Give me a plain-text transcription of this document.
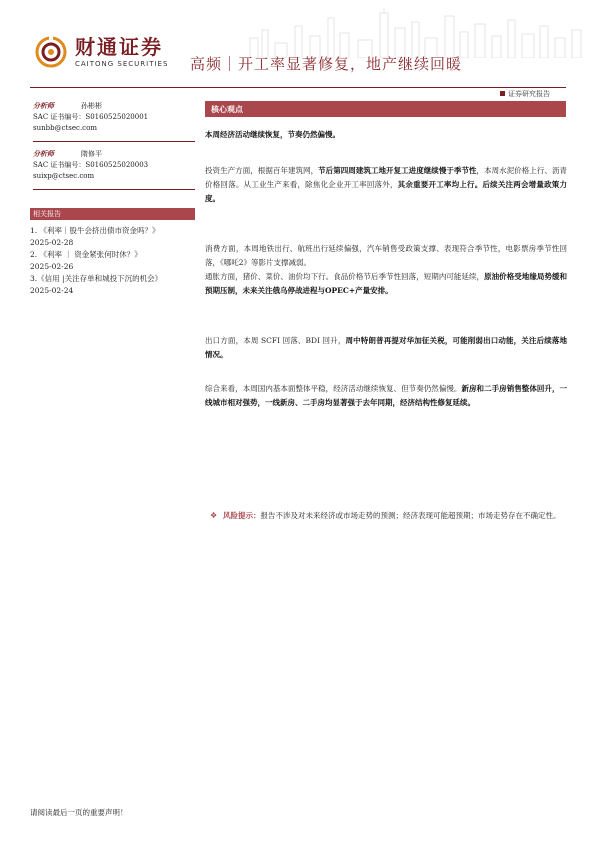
财通证券
CAITONG SECURITIES 高频｜开工率显著修复，地产继续回暖
证券研究报告
分析师	孙彬彬
SAC 证书编号：S0160525020001
sunbb@ctsec.com
分析师	隋修平
SAC 证书编号：S0160525020003
suixp@ctsec.com
相关报告
1. 《利率｜股牛会挤出债市资金吗？》
2025-02-28
2. 《利率 ｜ 资金紧张何时休？》
2025-02-26
3.《信用 |关注存单和城投下沉的机会》
2025-02-24
核心观点
本周经济活动继续恢复，节奏仍然偏慢。
投资生产方面，根据百年建筑网，节后第四周建筑工地开复工进度继续慢于季节性，本周水泥价格上行、沥青价格回落。从工业生产来看，除焦化企业开工率回落外，其余重要开工率均上行。后续关注两会增量政策力度。
消费方面，本周地铁出行、航班出行延续偏强，汽车销售受政策支撑、表现符合季节性，电影票房季节性回落，《哪吒2》等影片支撑减弱。
通胀方面，猪价、菜价、油价均下行。食品价格节后季节性回落，短期内可能延续，原油价格受地缘局势缓和预期压制，未来关注俄乌停战进程与OPEC+产量安排。
出口方面，本周 SCFI 回落、BDI 回升，周中特朗普再提对华加征关税，可能削弱出口动能，关注后续落地情况。
综合来看，本周国内基本面整体平稳，经济活动继续恢复、但节奏仍然偏慢。新房和二手房销售整体回升，一线城市相对强势，一线新房、二手房均显著强于去年同期，经济结构性修复延续。
❖ 风险提示：报告不涉及对未来经济或市场走势的预测；经济表现可能超预期；市场走势存在不确定性。
请阅读最后一页的重要声明！
